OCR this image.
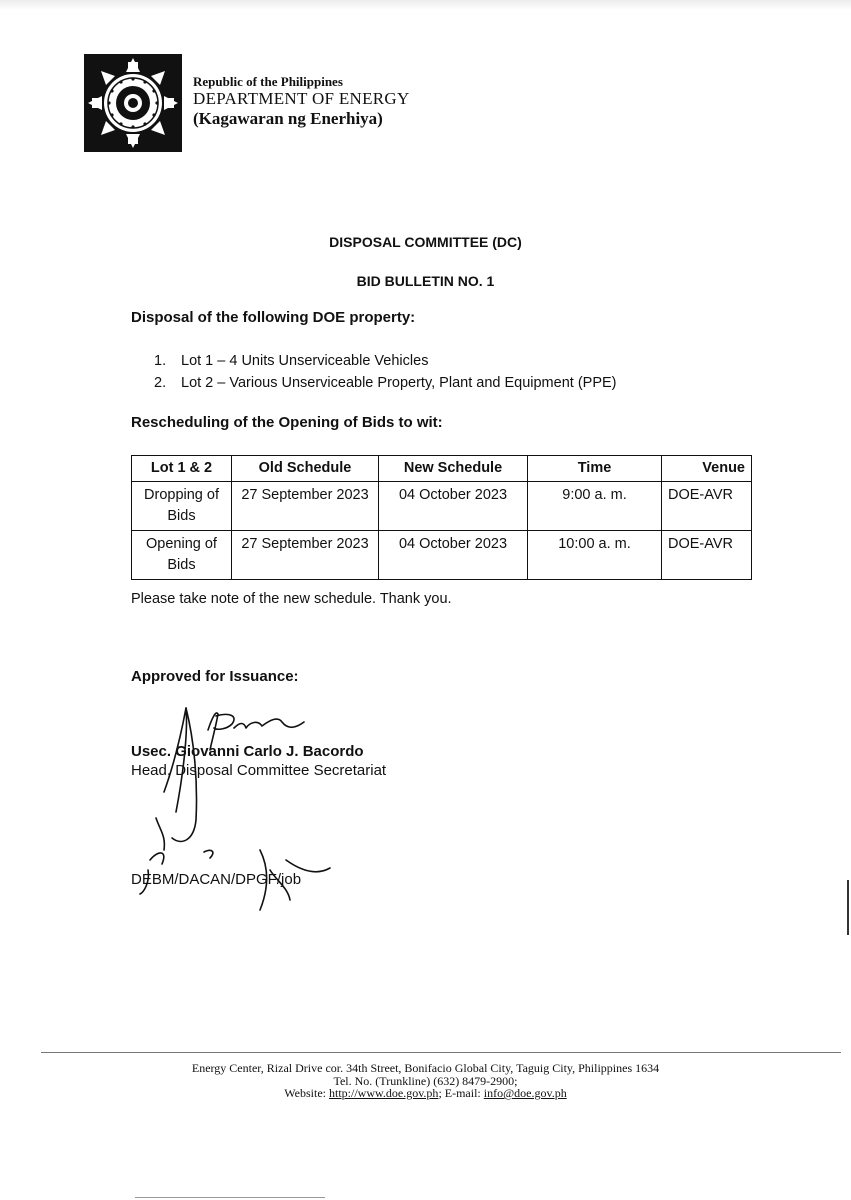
Republic of the Philippines
DEPARTMENT OF ENERGY
(Kagawaran ng Enerhiya)
DISPOSAL COMMITTEE (DC)
BID BULLETIN NO. 1
Disposal of the following DOE property:
1.	Lot 1 – 4 Units Unserviceable Vehicles
2.	Lot 2 – Various Unserviceable Property, Plant and Equipment (PPE)
Rescheduling of the Opening of Bids to wit:
Lot 1 & 2	Old Schedule	New Schedule	Time	Venue
Dropping of Bids	27 September 2023	04 October 2023	9:00 a. m.	DOE-AVR
Opening of Bids	27 September 2023	04 October 2023	10:00 a. m.	DOE-AVR
Please take note of the new schedule. Thank you.
Approved for Issuance:
Usec. Giovanni Carlo J. Bacordo
Head, Disposal Committee Secretariat
DEBM/DACAN/DPGF/job
Energy Center, Rizal Drive cor. 34th Street, Bonifacio Global City, Taguig City, Philippines 1634
Tel. No. (Trunkline) (632) 8479-2900;
Website: http://www.doe.gov.ph; E-mail: info@doe.gov.ph
